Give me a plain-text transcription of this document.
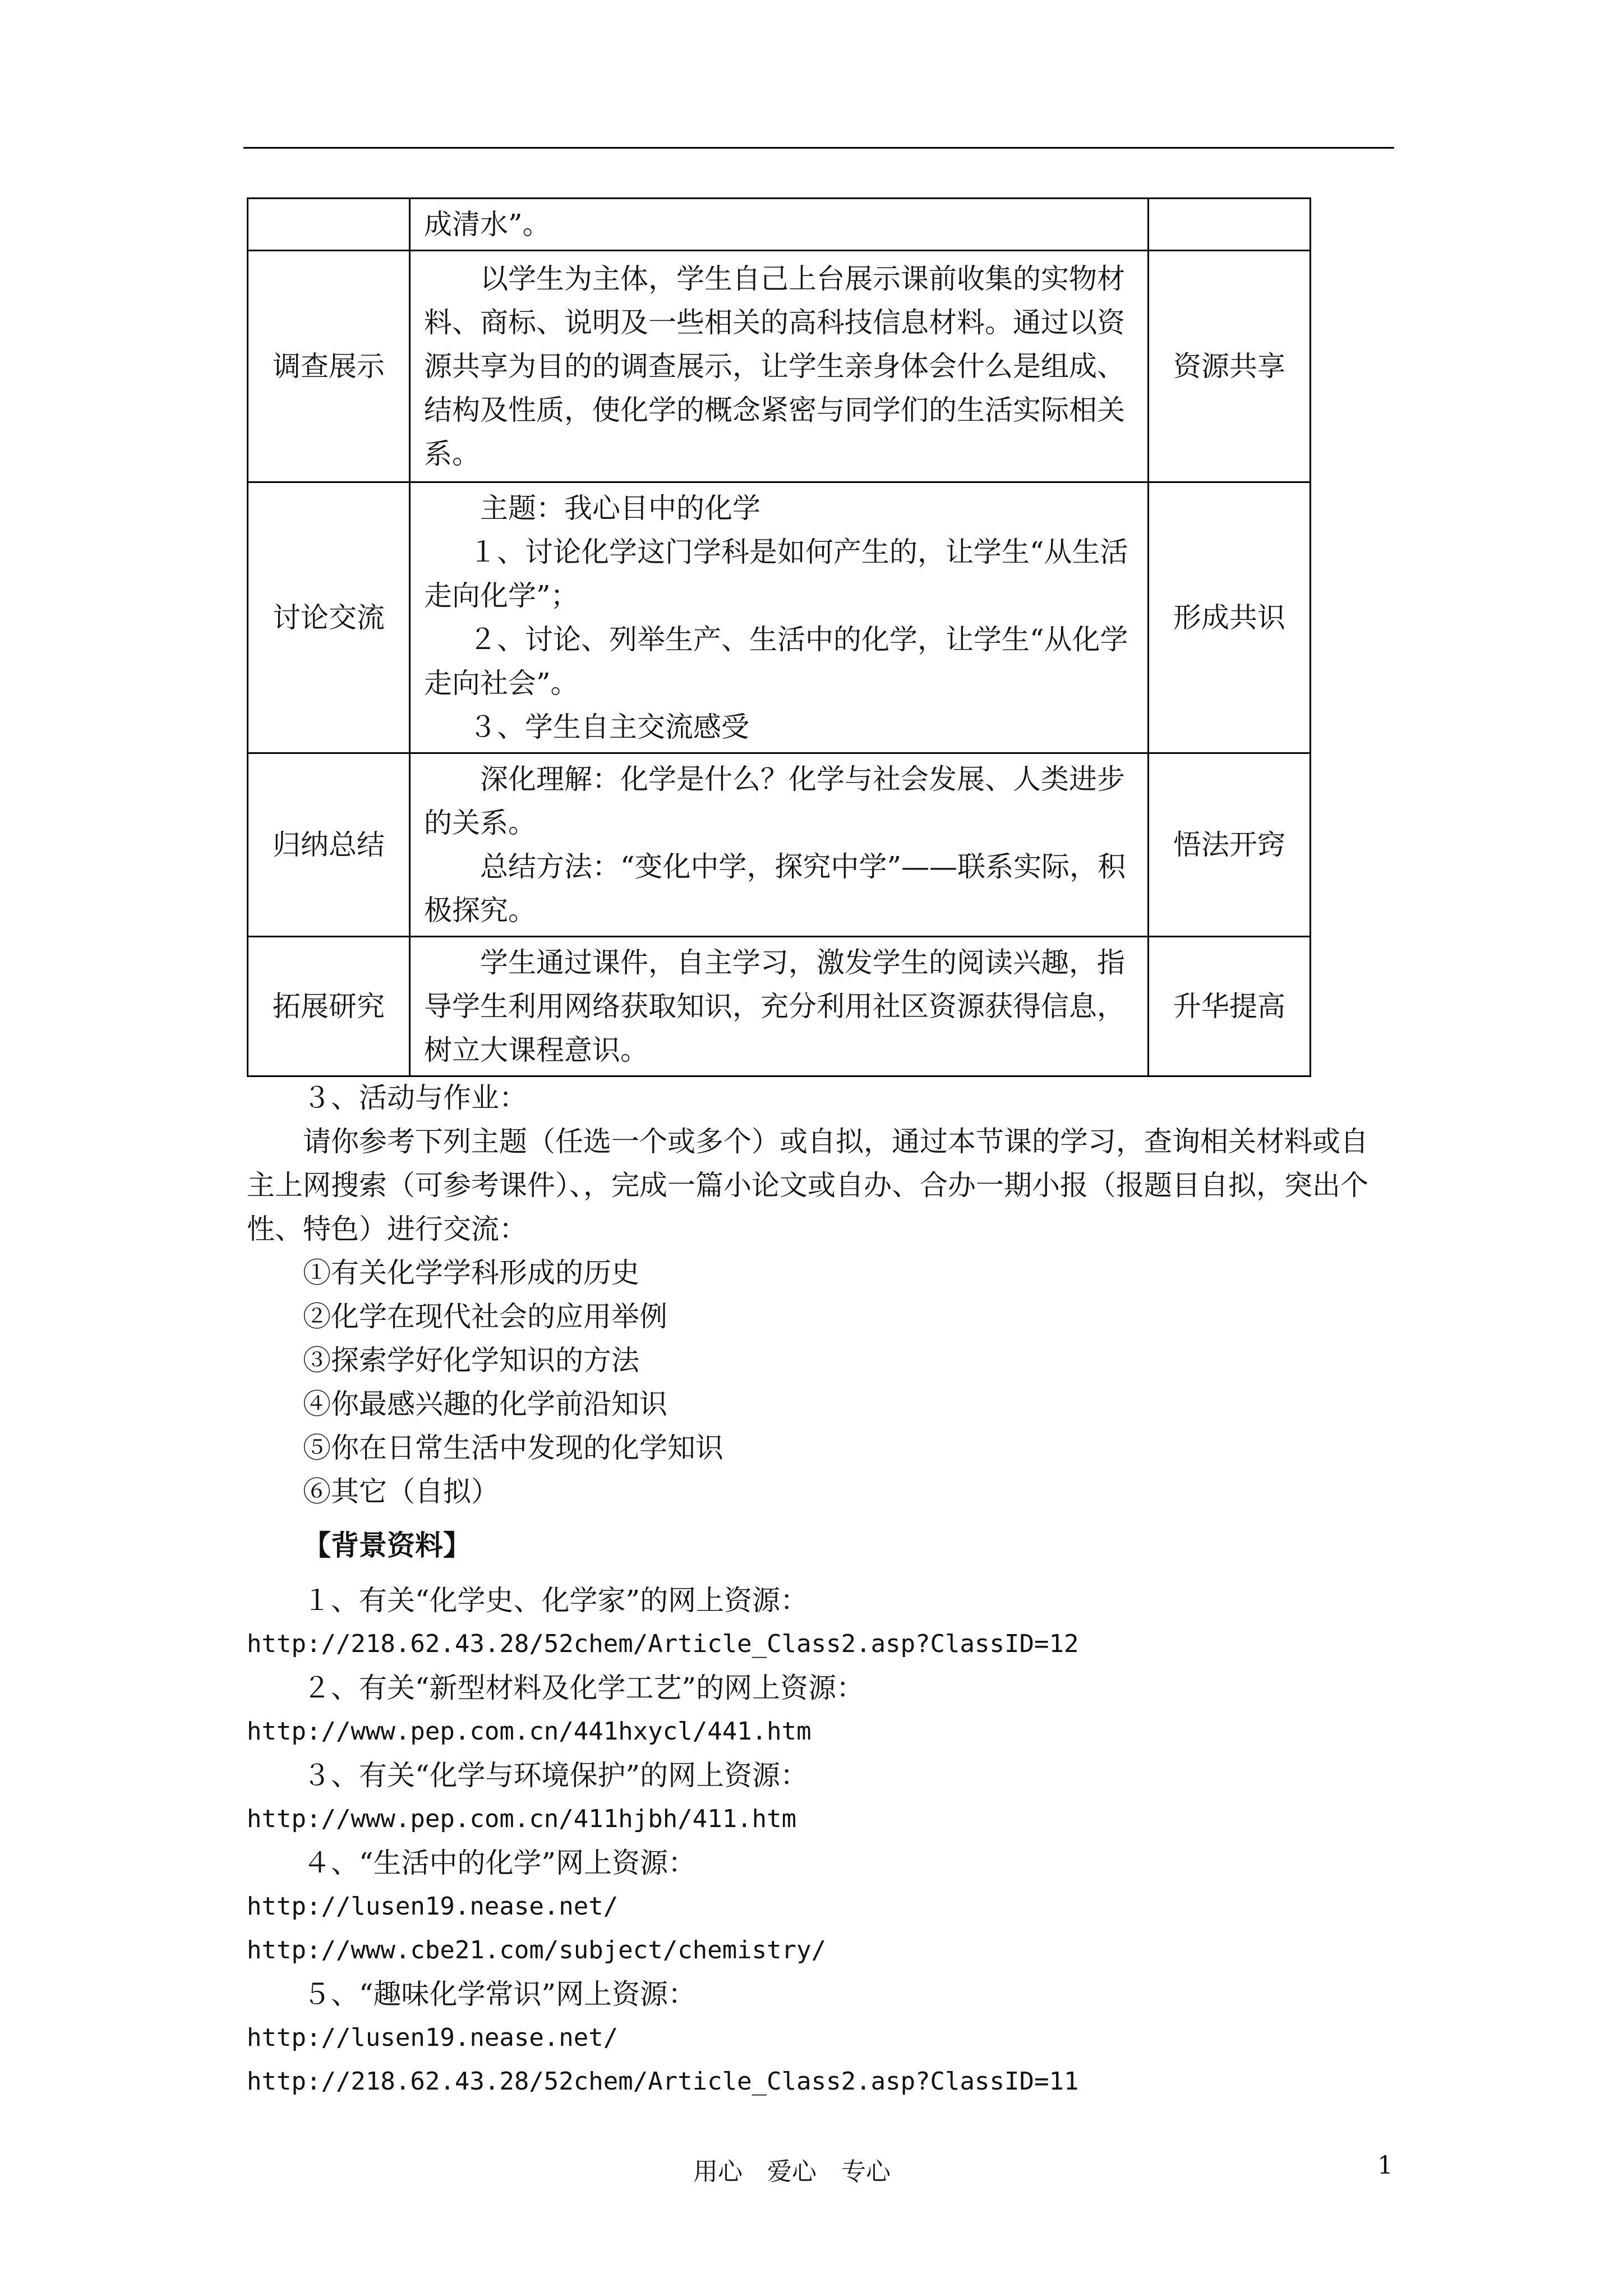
	成清水”。	

调查展示	以学生为主体，学生自己上台展示课前收集的实物材料、商标、说明及一些相关的高科技信息材料。通过以资源共享为目的的调查展示，让学生亲身体会什么是组成、结构及性质，使化学的概念紧密与同学们的生活实际相关系。	资源共享
讨论交流	主题：我心目中的化学

１、讨论化学这门学科是如何产生的，让学生“从生活走向化学”；

２、讨论、列举生产、生活中的化学，让学生“从化学走向社会”。

３、学生自主交流感受	形成共识
归纳总结	深化理解：化学是什么？化学与社会发展、人类进步的关系。

总结方法：“变化中学，探究中学”——联系实际，积极探究。	悟法开窍
拓展研究	学生通过课件，自主学习，激发学生的阅读兴趣，指导学生利用网络获取知识，充分利用社区资源获得信息，树立大课程意识。	升华提高

３、活动与作业：

请你参考下列主题（任选一个或多个）或自拟，通过本节课的学习，查询相关材料或自主上网搜索（可参考课件）、，完成一篇小论文或自办、合办一期小报（报题目自拟，突出个性、特色）进行交流：

①有关化学学科形成的历史

②化学在现代社会的应用举例

③探索学好化学知识的方法

④你最感兴趣的化学前沿知识

⑤你在日常生活中发现的化学知识

⑥其它（自拟）

【背景资料】

１、有关“化学史、化学家”的网上资源：

http://218.62.43.28/52chem/Article_Class2.asp?ClassID=12

２、有关“新型材料及化学工艺”的网上资源：

http://www.pep.com.cn/441hxycl/441.htm

３、有关“化学与环境保护”的网上资源：

http://www.pep.com.cn/411hjbh/411.htm

４、“生活中的化学”网上资源：

http://lusen19.nease.net/

http://www.cbe21.com/subject/chemistry/

５、“趣味化学常识”网上资源：

http://lusen19.nease.net/

http://218.62.43.28/52chem/Article_Class2.asp?ClassID=11

用心　爱心　专心	1
